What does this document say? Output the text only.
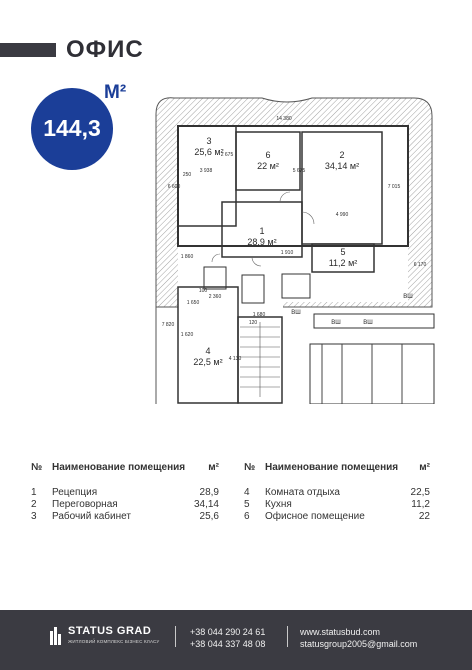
ОФИС
144,3
М²
3
25,6 м²	6
22 м²
2
34,14 м²
1
28,9 м²
5
11,2 м²
4
22,5 м²
ВШ
ВШ	ВШ
ВШ
14 380
6 600
6 170
7 015
4 990
3 938
2 675
5 675
7 820
1 910
1 620
1 860
1 650
2 360
1 680
4 130
250
120
100
№ Наименование помещения м²
1 Рецепция	28,9
2 Переговорная	34,14
3 Рабочий кабинет	25,6
№ Наименование помещения м²
4 Комната отдыха	22,5
5 Кухня	11,2
6 Офисное помещение	22
STATUS GRAD
ЖИТЛОВИЙ КОМПЛЕКС БІЗНЕС КЛАСУ
+38 044 290 24 61
+38 044 337 48 08
www.statusbud.com
statusgroup2005@gmail.com
